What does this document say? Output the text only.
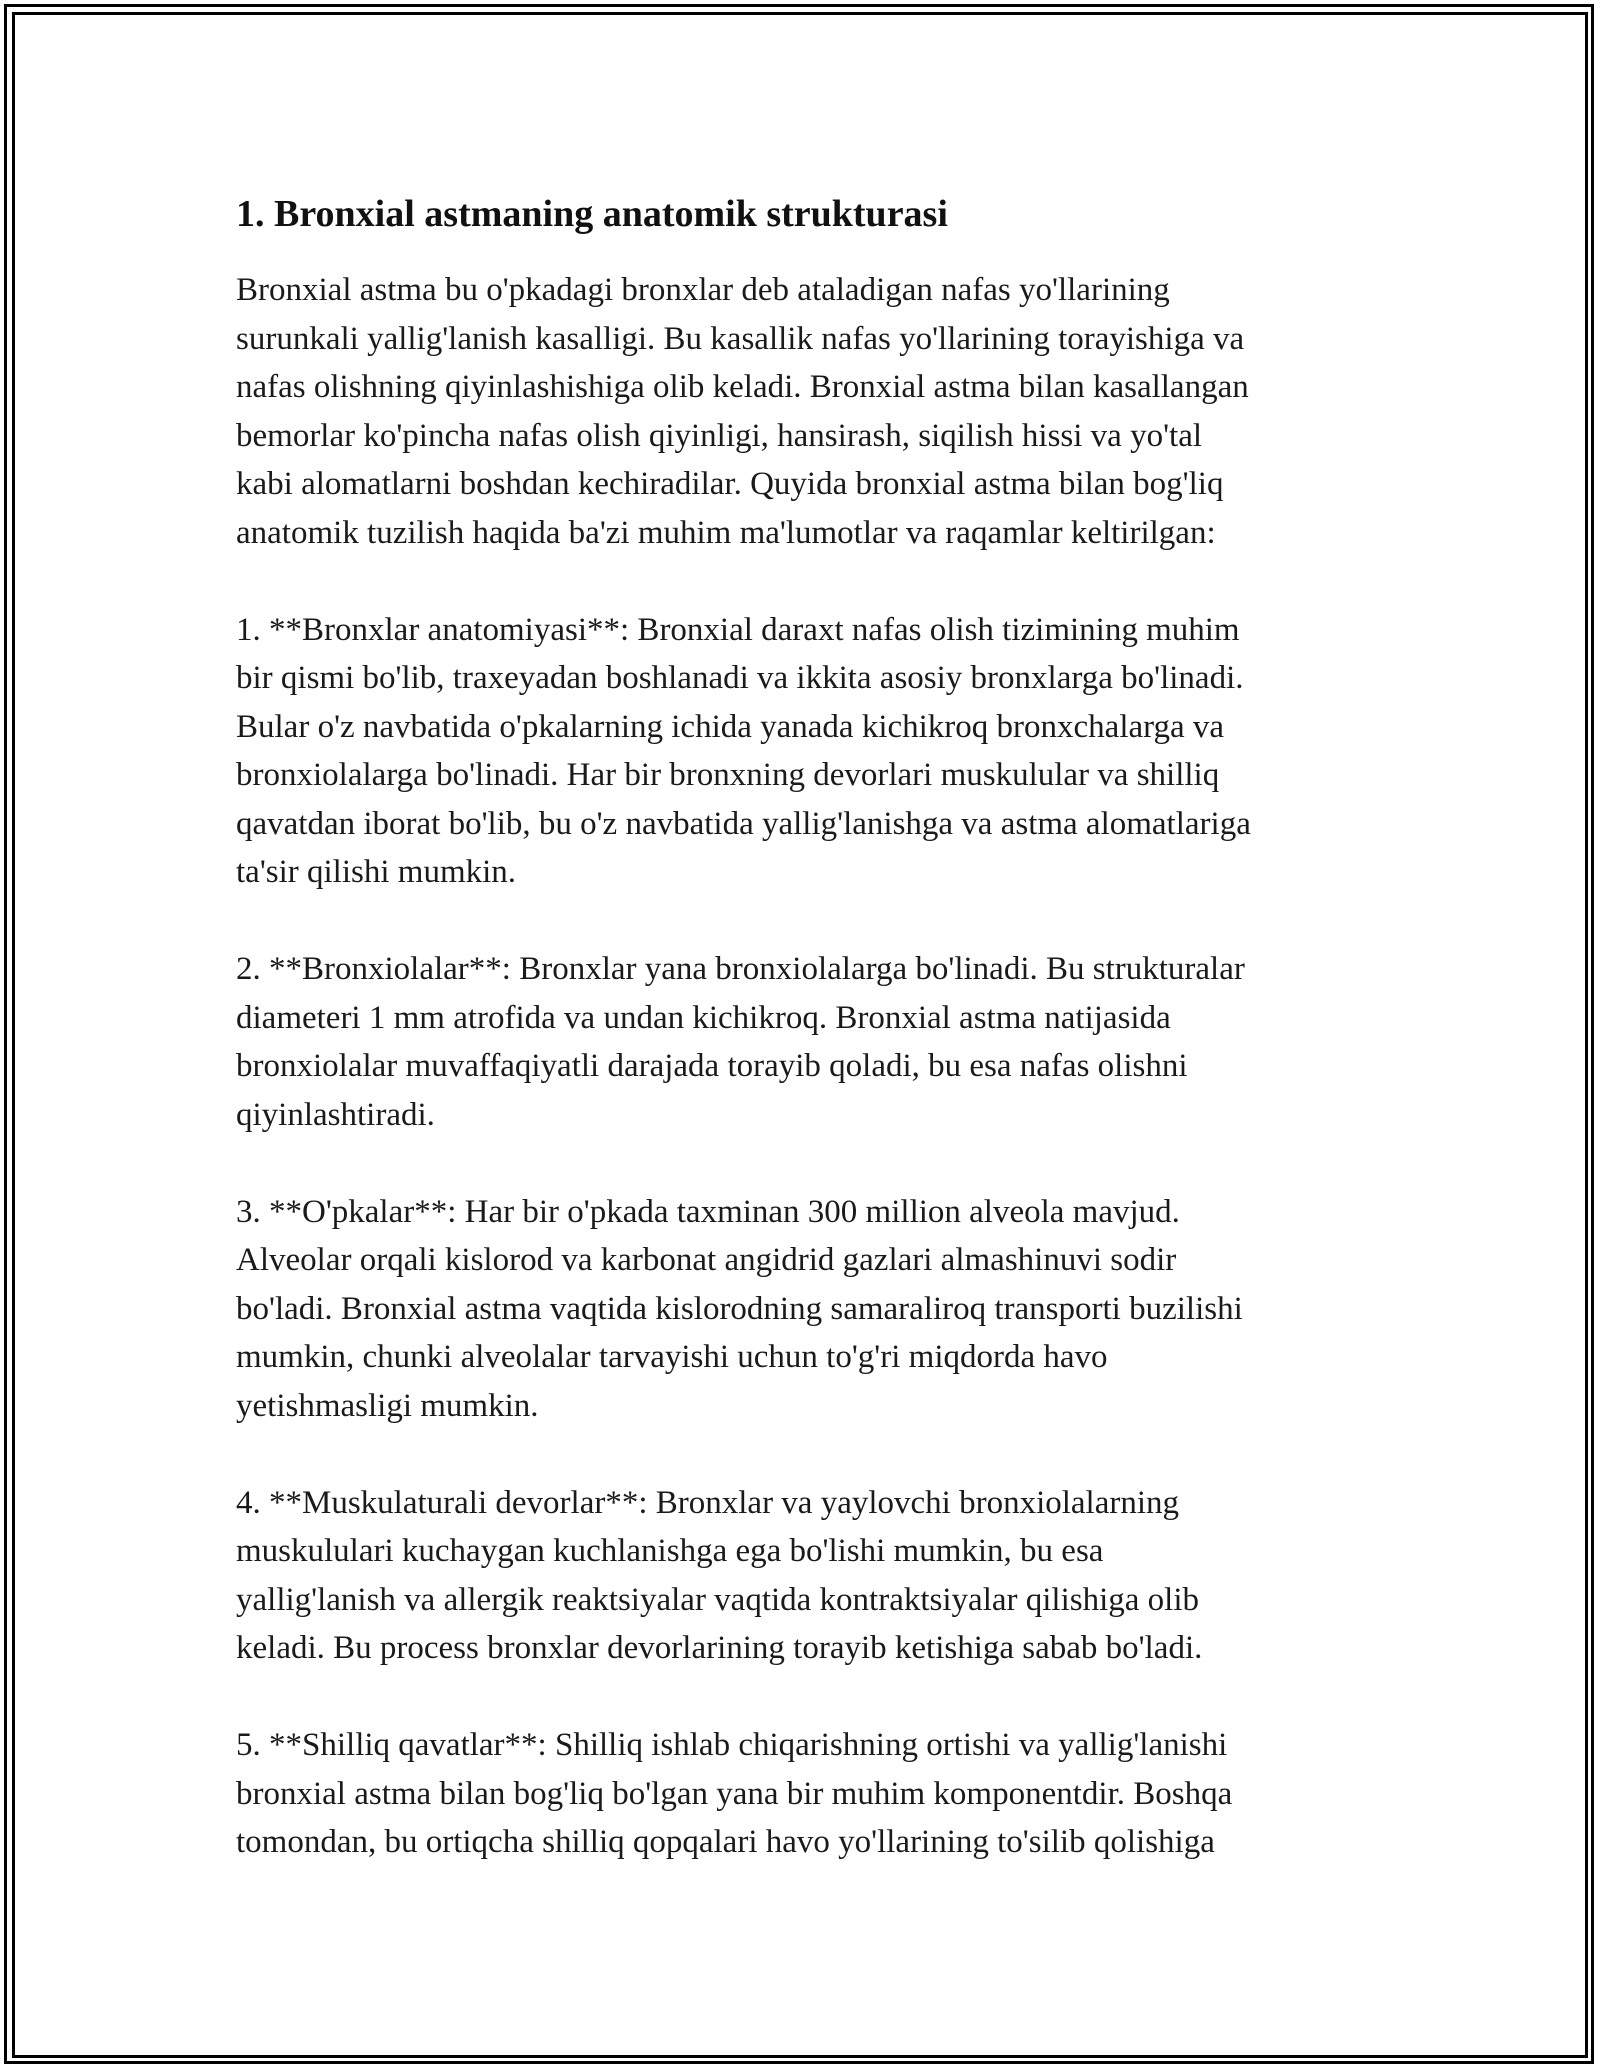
1. Bronxial astmaning anatomik strukturasi

Bronxial astma bu o'pkadagi bronxlar deb ataladigan nafas yo'llarining
surunkali yallig'lanish kasalligi. Bu kasallik nafas yo'llarining torayishiga va
nafas olishning qiyinlashishiga olib keladi. Bronxial astma bilan kasallangan
bemorlar ko'pincha nafas olish qiyinligi, hansirash, siqilish hissi va yo'tal
kabi alomatlarni boshdan kechiradilar. Quyida bronxial astma bilan bog'liq
anatomik tuzilish haqida ba'zi muhim ma'lumotlar va raqamlar keltirilgan:

1. **Bronxlar anatomiyasi**: Bronxial daraxt nafas olish tizimining muhim
bir qismi bo'lib, traxeyadan boshlanadi va ikkita asosiy bronxlarga bo'linadi.
Bular o'z navbatida o'pkalarning ichida yanada kichikroq bronxchalarga va
bronxiolalarga bo'linadi. Har bir bronxning devorlari muskulular va shilliq
qavatdan iborat bo'lib, bu o'z navbatida yallig'lanishga va astma alomatlariga
ta'sir qilishi mumkin.

2. **Bronxiolalar**: Bronxlar yana bronxiolalarga bo'linadi. Bu strukturalar
diameteri 1 mm atrofida va undan kichikroq. Bronxial astma natijasida
bronxiolalar muvaffaqiyatli darajada torayib qoladi, bu esa nafas olishni
qiyinlashtiradi.

3. **O'pkalar**: Har bir o'pkada taxminan 300 million alveola mavjud.
Alveolar orqali kislorod va karbonat angidrid gazlari almashinuvi sodir
bo'ladi. Bronxial astma vaqtida kislorodning samaraliroq transporti buzilishi
mumkin, chunki alveolalar tarvayishi uchun to'g'ri miqdorda havo
yetishmasligi mumkin.

4. **Muskulaturali devorlar**: Bronxlar va yaylovchi bronxiolalarning
muskululari kuchaygan kuchlanishga ega bo'lishi mumkin, bu esa
yallig'lanish va allergik reaktsiyalar vaqtida kontraktsiyalar qilishiga olib
keladi. Bu process bronxlar devorlarining torayib ketishiga sabab bo'ladi.

5. **Shilliq qavatlar**: Shilliq ishlab chiqarishning ortishi va yallig'lanishi
bronxial astma bilan bog'liq bo'lgan yana bir muhim komponentdir. Boshqa
tomondan, bu ortiqcha shilliq qopqalari havo yo'llarining to'silib qolishiga
